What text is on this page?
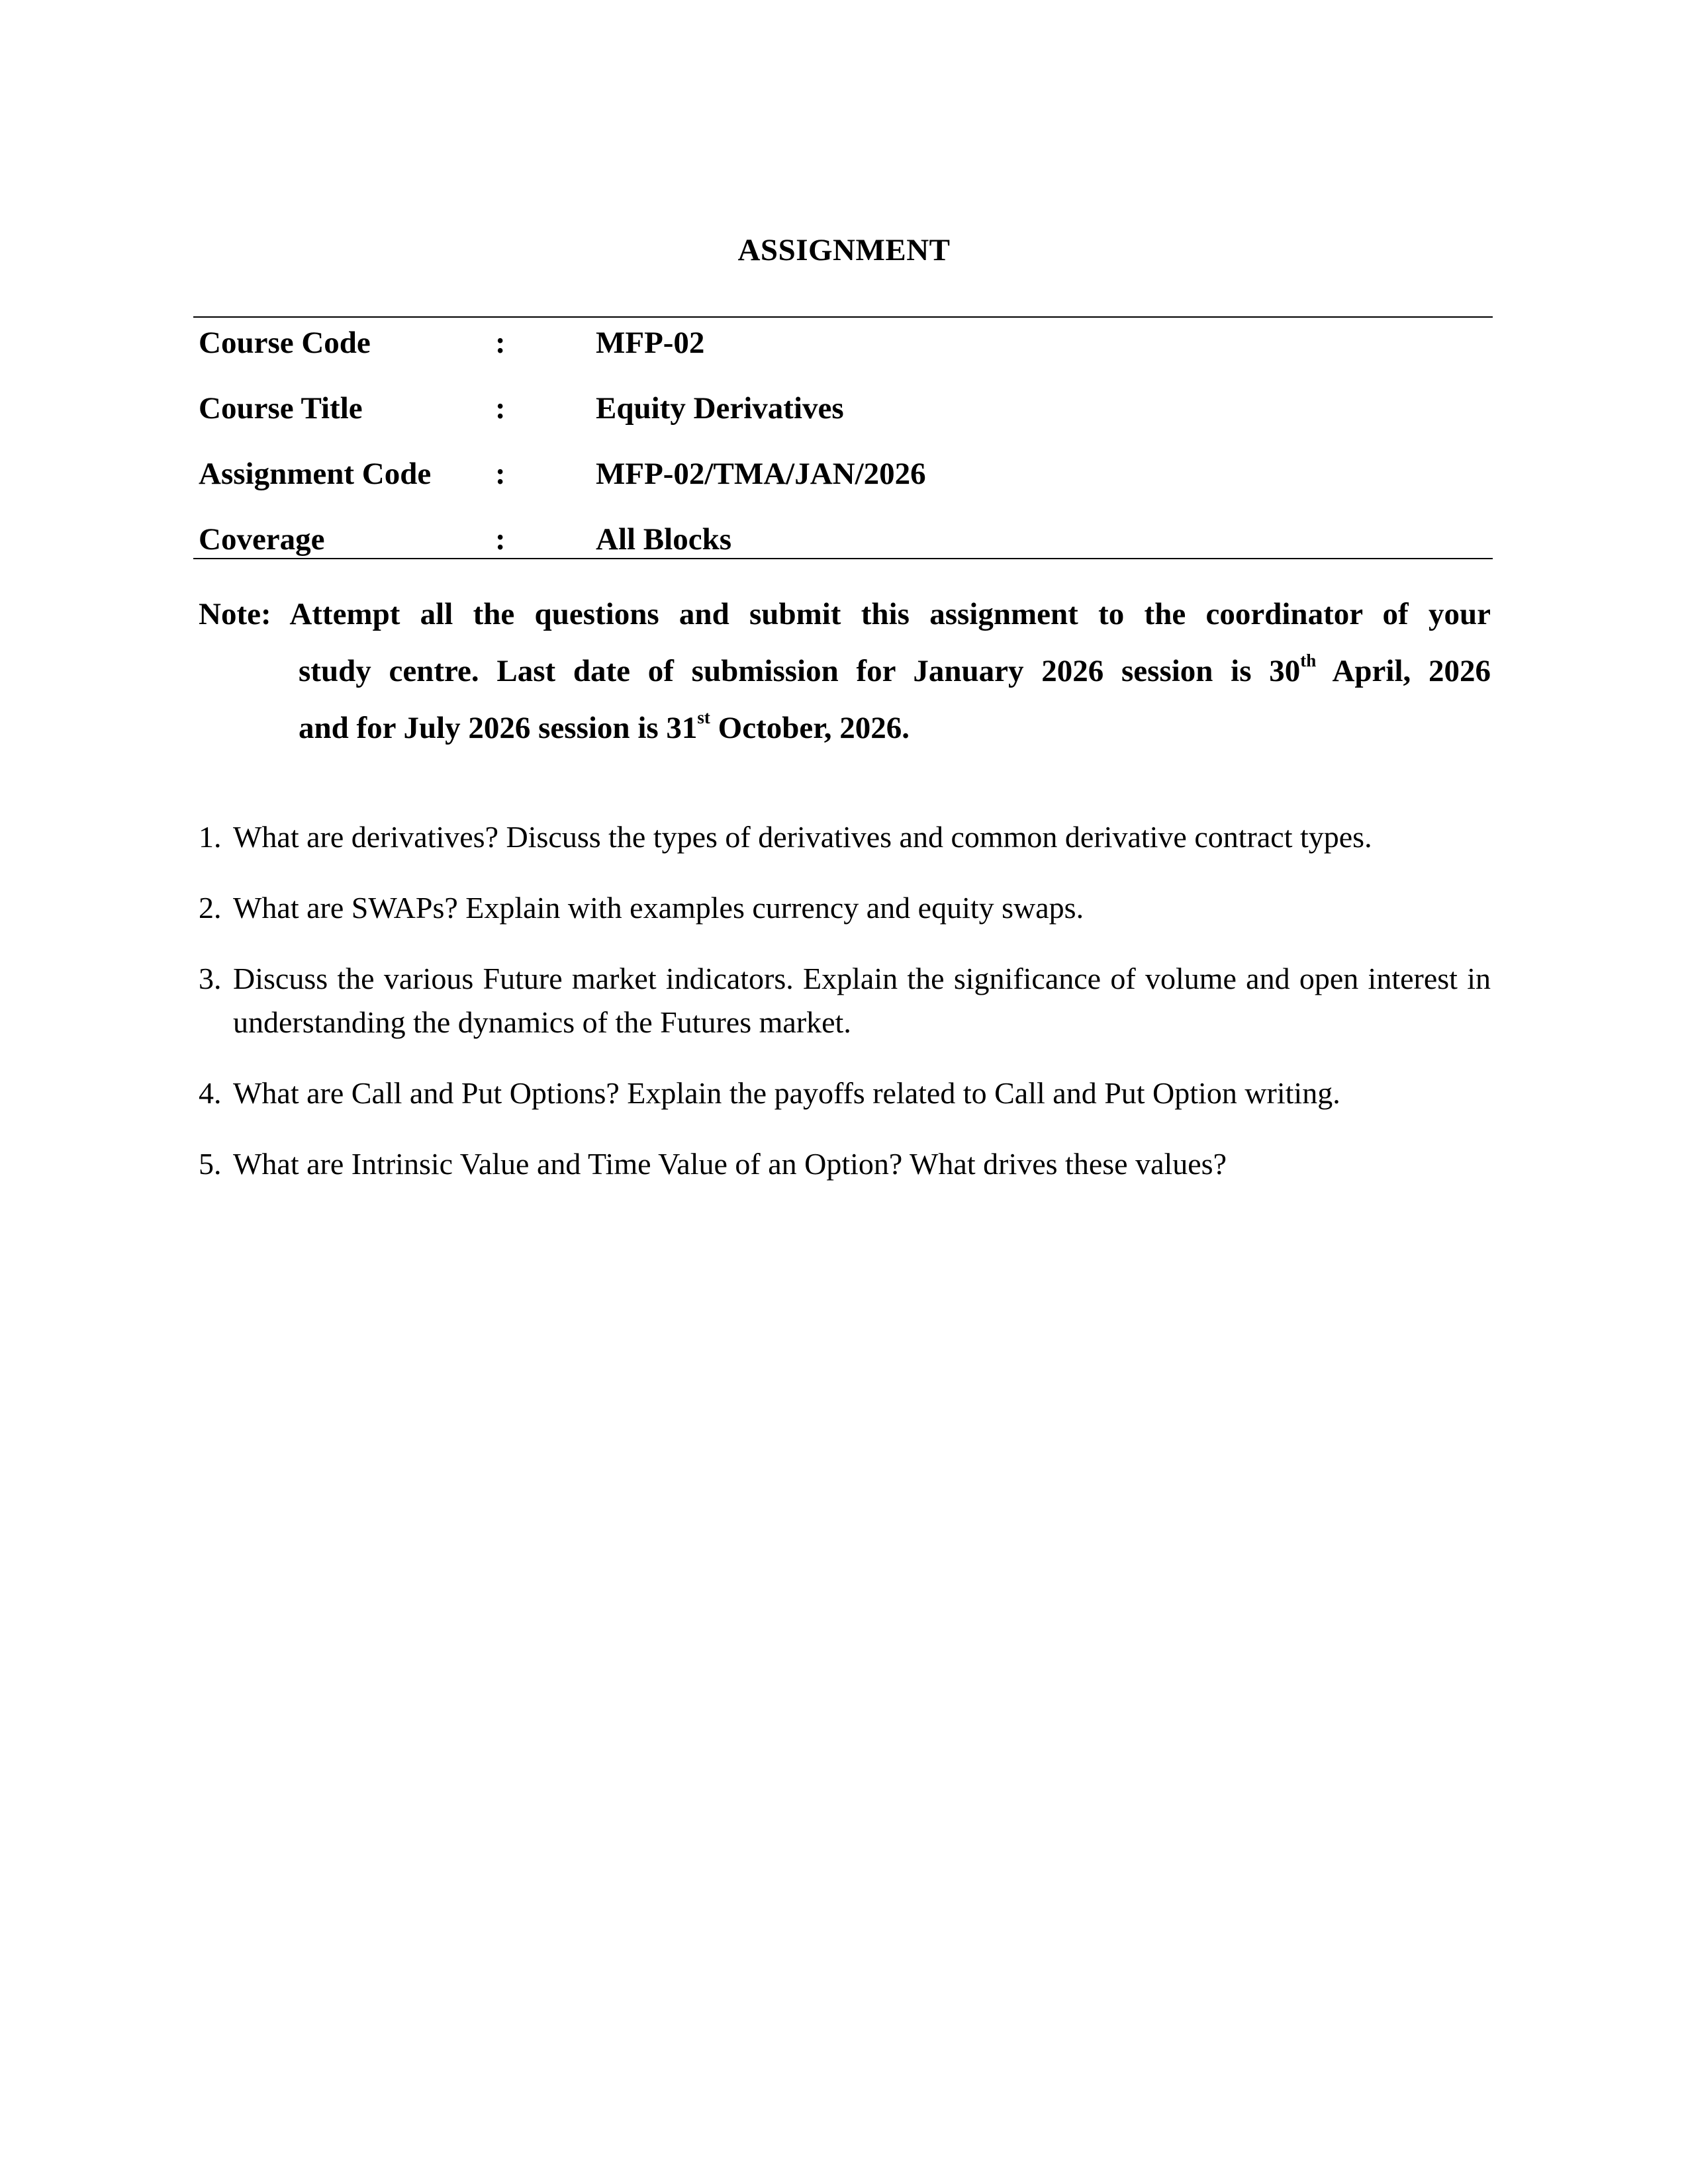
ASSIGNMENT
Course Code	:	MFP-02
Course Title	:	Equity Derivatives
Assignment Code :	MFP-02/TMA/JAN/2026
Coverage	:	All Blocks
Note: Attempt all the questions and submit this assignment to the coordinator of your
study centre. Last date of submission for January 2026 session is 30th April, 2026
and for July 2026 session is 31st October, 2026.
1. What are derivatives? Discuss the types of derivatives and common derivative contract types.
2. What are SWAPs? Explain with examples currency and equity swaps.
3. Discuss the various Future market indicators. Explain the significance of volume and open interest in understanding the dynamics of the Futures market.
4. What are Call and Put Options? Explain the payoffs related to Call and Put Option writing.
5. What are Intrinsic Value and Time Value of an Option? What drives these values?
